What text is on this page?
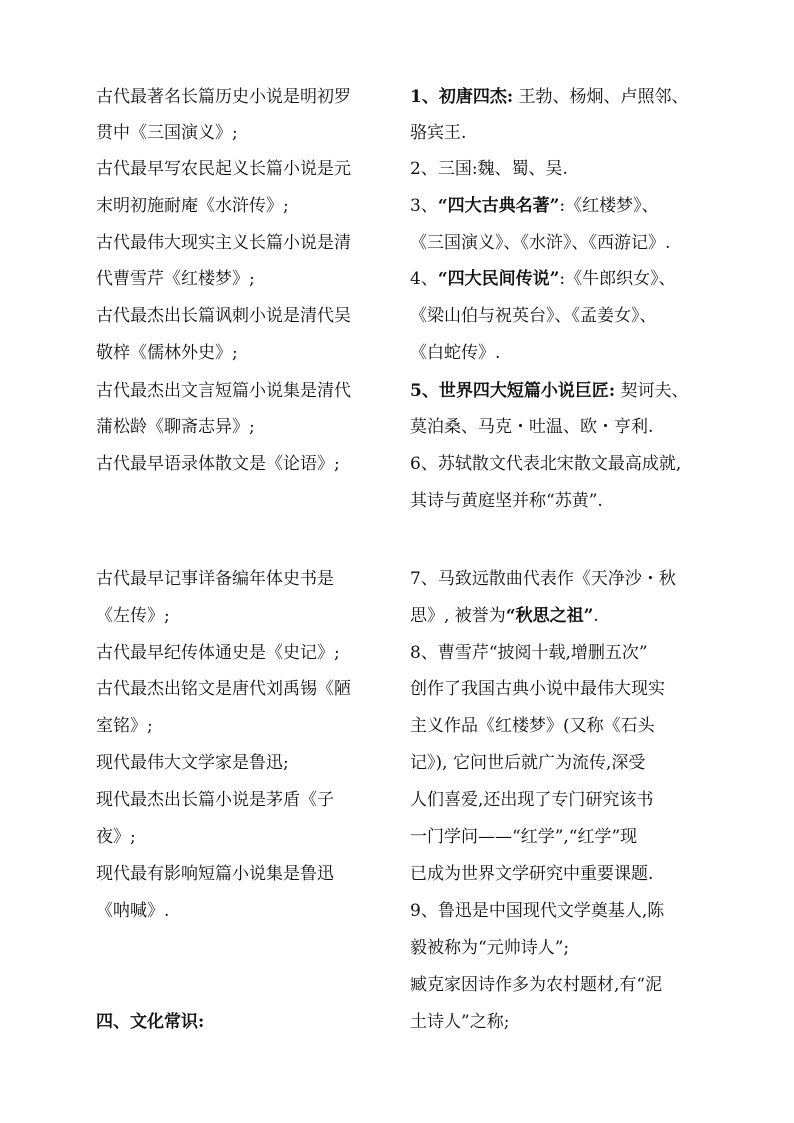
古代最著名长篇历史小说是明初罗
贯中《三国演义》;
古代最早写农民起义长篇小说是元
末明初施耐庵《水浒传》;
古代最伟大现实主义长篇小说是清
代曹雪芹《红楼梦》;
古代最杰出长篇讽刺小说是清代吴
敬梓《儒林外史》;
古代最杰出文言短篇小说集是清代
蒲松龄《聊斋志异》;
古代最早语录体散文是《论语》;
古代最早记事详备编年体史书是
《左传》;
古代最早纪传体通史是《史记》;
古代最杰出铭文是唐代刘禹锡《陋
室铭》;
现代最伟大文学家是鲁迅;
现代最杰出长篇小说是茅盾《子
夜》;
现代最有影响短篇小说集是鲁迅
《呐喊》.
四、文化常识:
1、初唐四杰: 王勃、杨炯、卢照邻、
骆宾王.
2、三国:魏、蜀、吴.
3、“四大古典名著”:《红楼梦》、
《三国演义》、《水浒》、《西游记》.
4、“四大民间传说”:《牛郎织女》、
《梁山伯与祝英台》、《孟姜女》、
《白蛇传》.
5、世界四大短篇小说巨匠: 契诃夫、
莫泊桑、马克・吐温、欧・亨利.
6、苏轼散文代表北宋散文最高成就,
其诗与黄庭坚并称“苏黄”.
7、马致远散曲代表作《天净沙・秋
思》, 被誉为“秋思之祖”.
8、曹雪芹“披阅十载,增删五次”
创作了我国古典小说中最伟大现实
主义作品《红楼梦》(又称《石头
记》), 它问世后就广为流传,深受
人们喜爱,还出现了专门研究该书
一门学问——“红学”,“红学”现
已成为世界文学研究中重要课题.
9、鲁迅是中国现代文学奠基人,陈
毅被称为“元帅诗人”;
臧克家因诗作多为农村题材,有“泥
土诗人”之称;
